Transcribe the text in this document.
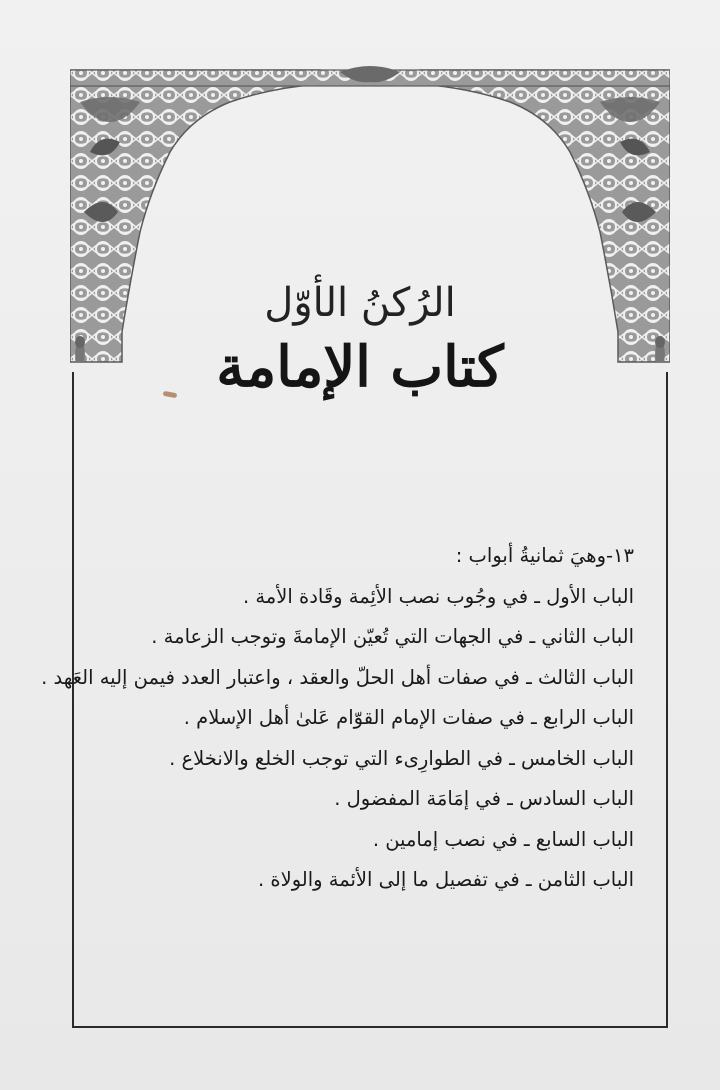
الرُكنُ الأوّل
كتاب الإمامة
١٣-وهيَ ثمانيةُ أبواب :
الباب الأول ـ في وجُوب نصب الأئِمة وقَادة الأمة .
الباب الثاني ـ في الجهات التي تُعيّن الإمامةَ وتوجب الزعامة .
الباب الثالث ـ في صفات أهل الحلّ والعقد ، واعتبار العدد فيمن إليه العَهد .
الباب الرابع ـ في صفات الإمام القوّام عَلىٰ أهل الإسلام .
الباب الخامس ـ في الطوارِىء التي توجب الخلع والانخلاع .
الباب السادس ـ في إمَامَة المفضول .
الباب السابع ـ في نصب إمامين .
الباب الثامن ـ في تفصيل ما إلى الأئمة والولاة .
